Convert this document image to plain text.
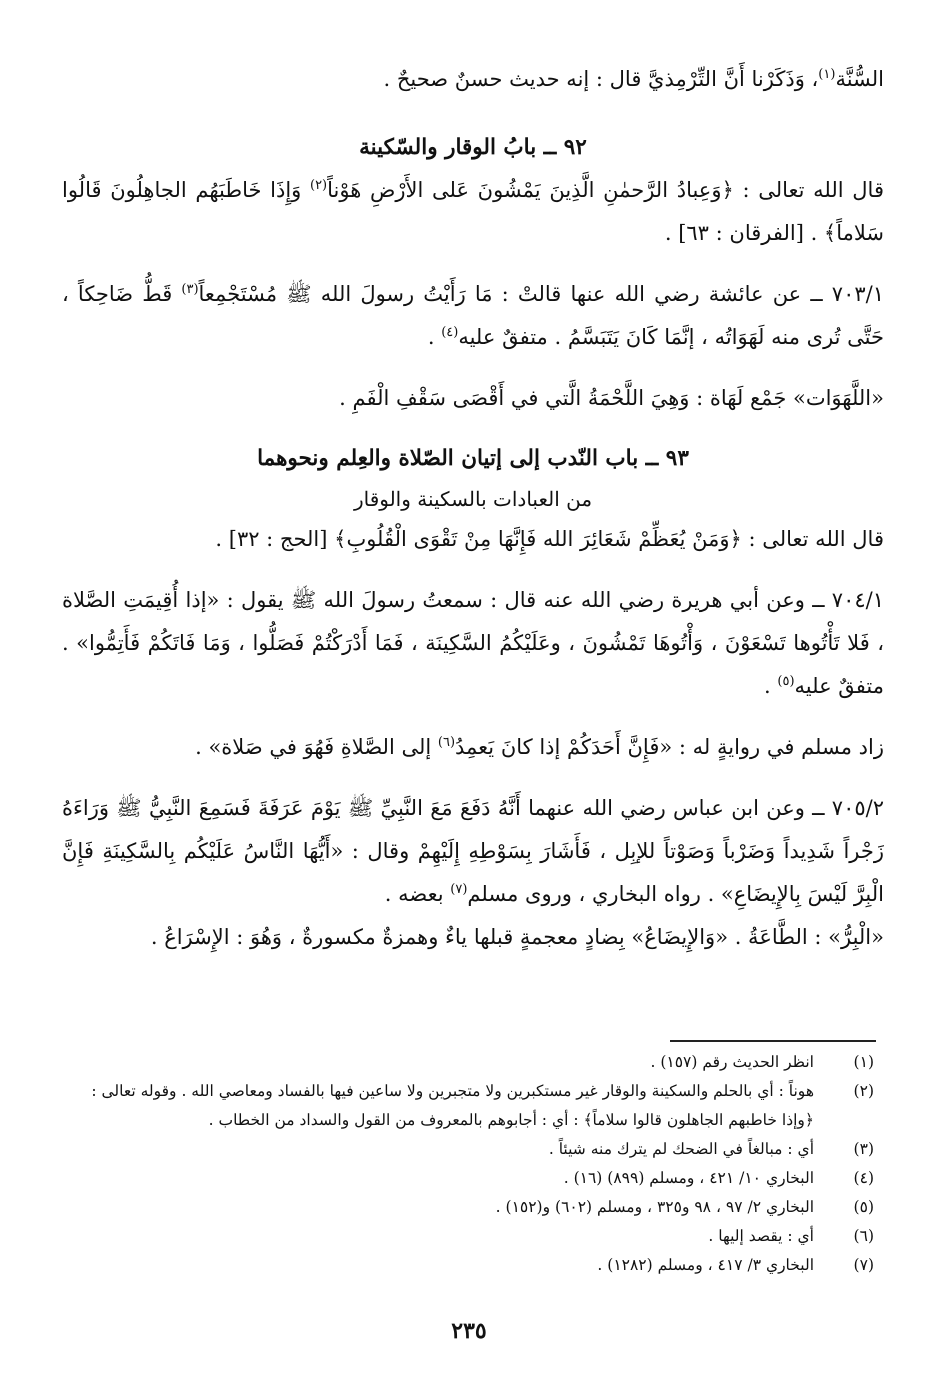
السُّنَّة$^{(١)}$، وَذَكَرْنا أَنَّ التِّرْمِذيَّ قال : إنه حديث حسنٌ صحيحٌ .

٩٢ ــ بابُ الوقار والسّكينة

قال الله تعالى : ﴿وَعِبادُ الرَّحمٰنِ الَّذِينَ يَمْشُونَ عَلى الأَرْضِ هَوْناً$^{(٢)}$ وَإِذَا خَاطَبَهُم الجاهِلُونَ قَالُوا سَلاماً﴾ . [الفرقان : ٦٣] .

٧٠٣/١ ــ عن عائشة رضي الله عنها قالتْ : مَا رَأَيْتُ رسولَ الله ﷺ مُسْتَجْمِعاً$^{(٣)}$ قَطُّ ضَاحِكاً ، حَتَّى تُرى منه لَهَوَاتُه ، إنَّمَا كَانَ يَتَبَسَّمُ . متفقٌ عليه$^{(٤)}$ .

«اللَّهَوَات» جَمْع لَهَاة : وَهِيَ اللَّحْمَةُ الَّتي في أَقْصَى سَقْفِ الْفَمِ .

٩٣ ــ باب النّدب إلى إتيان الصّلاة والعِلم ونحوهما

من العبادات بالسكينة والوقار

قال الله تعالى : ﴿وَمَنْ يُعَظِّمْ شَعَائِرَ الله فَإِنَّهَا مِنْ تَقْوَى الْقُلُوبِ﴾ [الحج : ٣٢] .

٧٠٤/١ ــ وعن أبي هريرة رضي الله عنه قال : سمعتُ رسولَ الله ﷺ يقول : «إذا أُقِيمَتِ الصَّلاة ، فَلا تَأْتُوها تَسْعَوْنَ ، وَأْتُوهَا تَمْشُونَ ، وعَلَيْكُمُ السَّكِينَة ، فَمَا أَدْرَكْتُمْ فَصَلُّوا ، وَمَا فَاتَكُمْ فَأَتِمُّوا» . متفقٌ عليه$^{(٥)}$ .

زاد مسلم في روايةٍ له : «فَإِنَّ أَحَدَكُمْ إذا كانَ يَعمِدُ$^{(٦)}$ إلى الصَّلاةِ فَهُوَ في صَلاة» .

٧٠٥/٢ ــ وعن ابن عباس رضي الله عنهما أَنَّهُ دَفَعَ مَعَ النَّبِيِّ ﷺ يَوْمَ عَرَفَةَ فَسَمِعَ النَّبِيُّ ﷺ وَرَاءَهُ زَجْراً شَدِيداً وَضَرْباً وَصَوْتاً للإبِل ، فَأَشَارَ بِسَوْطِهِ إِلَيْهِمْ وقال : «أَيُّهَا النَّاسُ عَلَيْكُم بِالسَّكِينَةِ فَإِنَّ الْبِرَّ لَيْسَ بِالإِيضَاعِ» . رواه البخاري ، وروى مسلم$^{(٧)}$ بعضه .

«الْبِرُّ» : الطَّاعَةُ . «وَالإِيضَاعُ» بِضادٍ معجمةٍ قبلها ياءٌ وهمزةٌ مكسورةٌ ، وَهُوَ : الإِسْرَاعُ .

(١)
انظر الحديث رقم (١٥٧) .
(٢)
هوناً : أي بالحلم والسكينة والوقار غير مستكبرين ولا متجبرين ولا ساعين فيها بالفساد ومعاصي الله . وقوله تعالى : ﴿وإذا خاطبهم الجاهلون قالوا سلاماً﴾ : أي : أجابوهم بالمعروف من القول والسداد من الخطاب .
(٣)
أي : مبالغاً في الضحك لم يترك منه شيئاً .
(٤)
البخاري ١٠/ ٤٢١ ، ومسلم (٨٩٩) (١٦) .
(٥)
البخاري ٢/ ٩٧ ، ٩٨ و٣٢٥ ، ومسلم (٦٠٢) و(١٥٢) .
(٦)
أي : يقصد إليها .
(٧)
البخاري ٣/ ٤١٧ ، ومسلم (١٢٨٢) .
٢٣٥
